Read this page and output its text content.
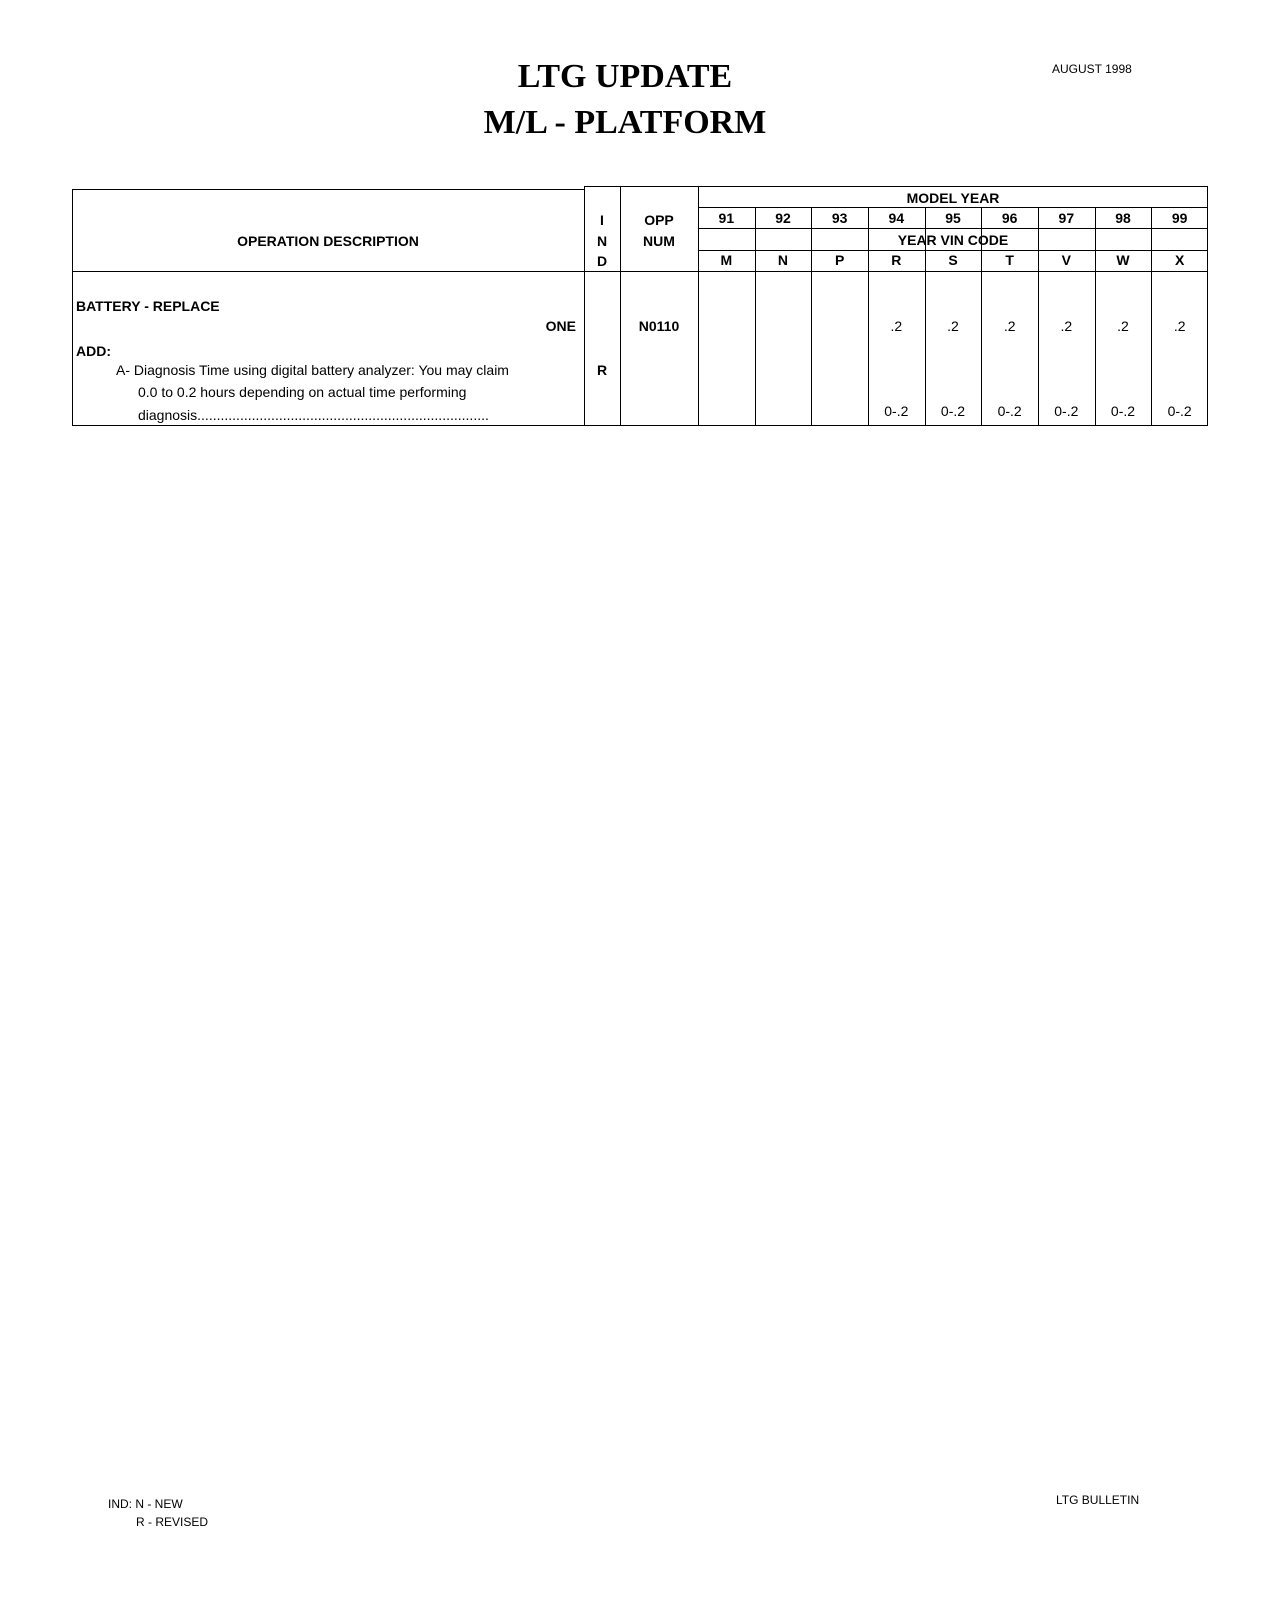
AUGUST 1998
LTG UPDATE
M/L - PLATFORM
OPERATION DESCRIPTION
I
N
D
OPP
NUM
MODEL YEAR
YEAR VIN CODE
91
M
92
N
93
P
94
R
95
S
96
T
97
V
98
W
99
X
BATTERY - REPLACE
ONE	N0110
ADD:
A- Diagnosis Time using digital battery analyzer: You may claim
0.0 to 0.2 hours depending on actual time performing
diagnosis...........................................................................
R
.2
0-.2
.2
0-.2
.2
0-.2
.2
0-.2
.2
0-.2
.2
0-.2
IND: N - NEW
R - REVISED
LTG BULLETIN
